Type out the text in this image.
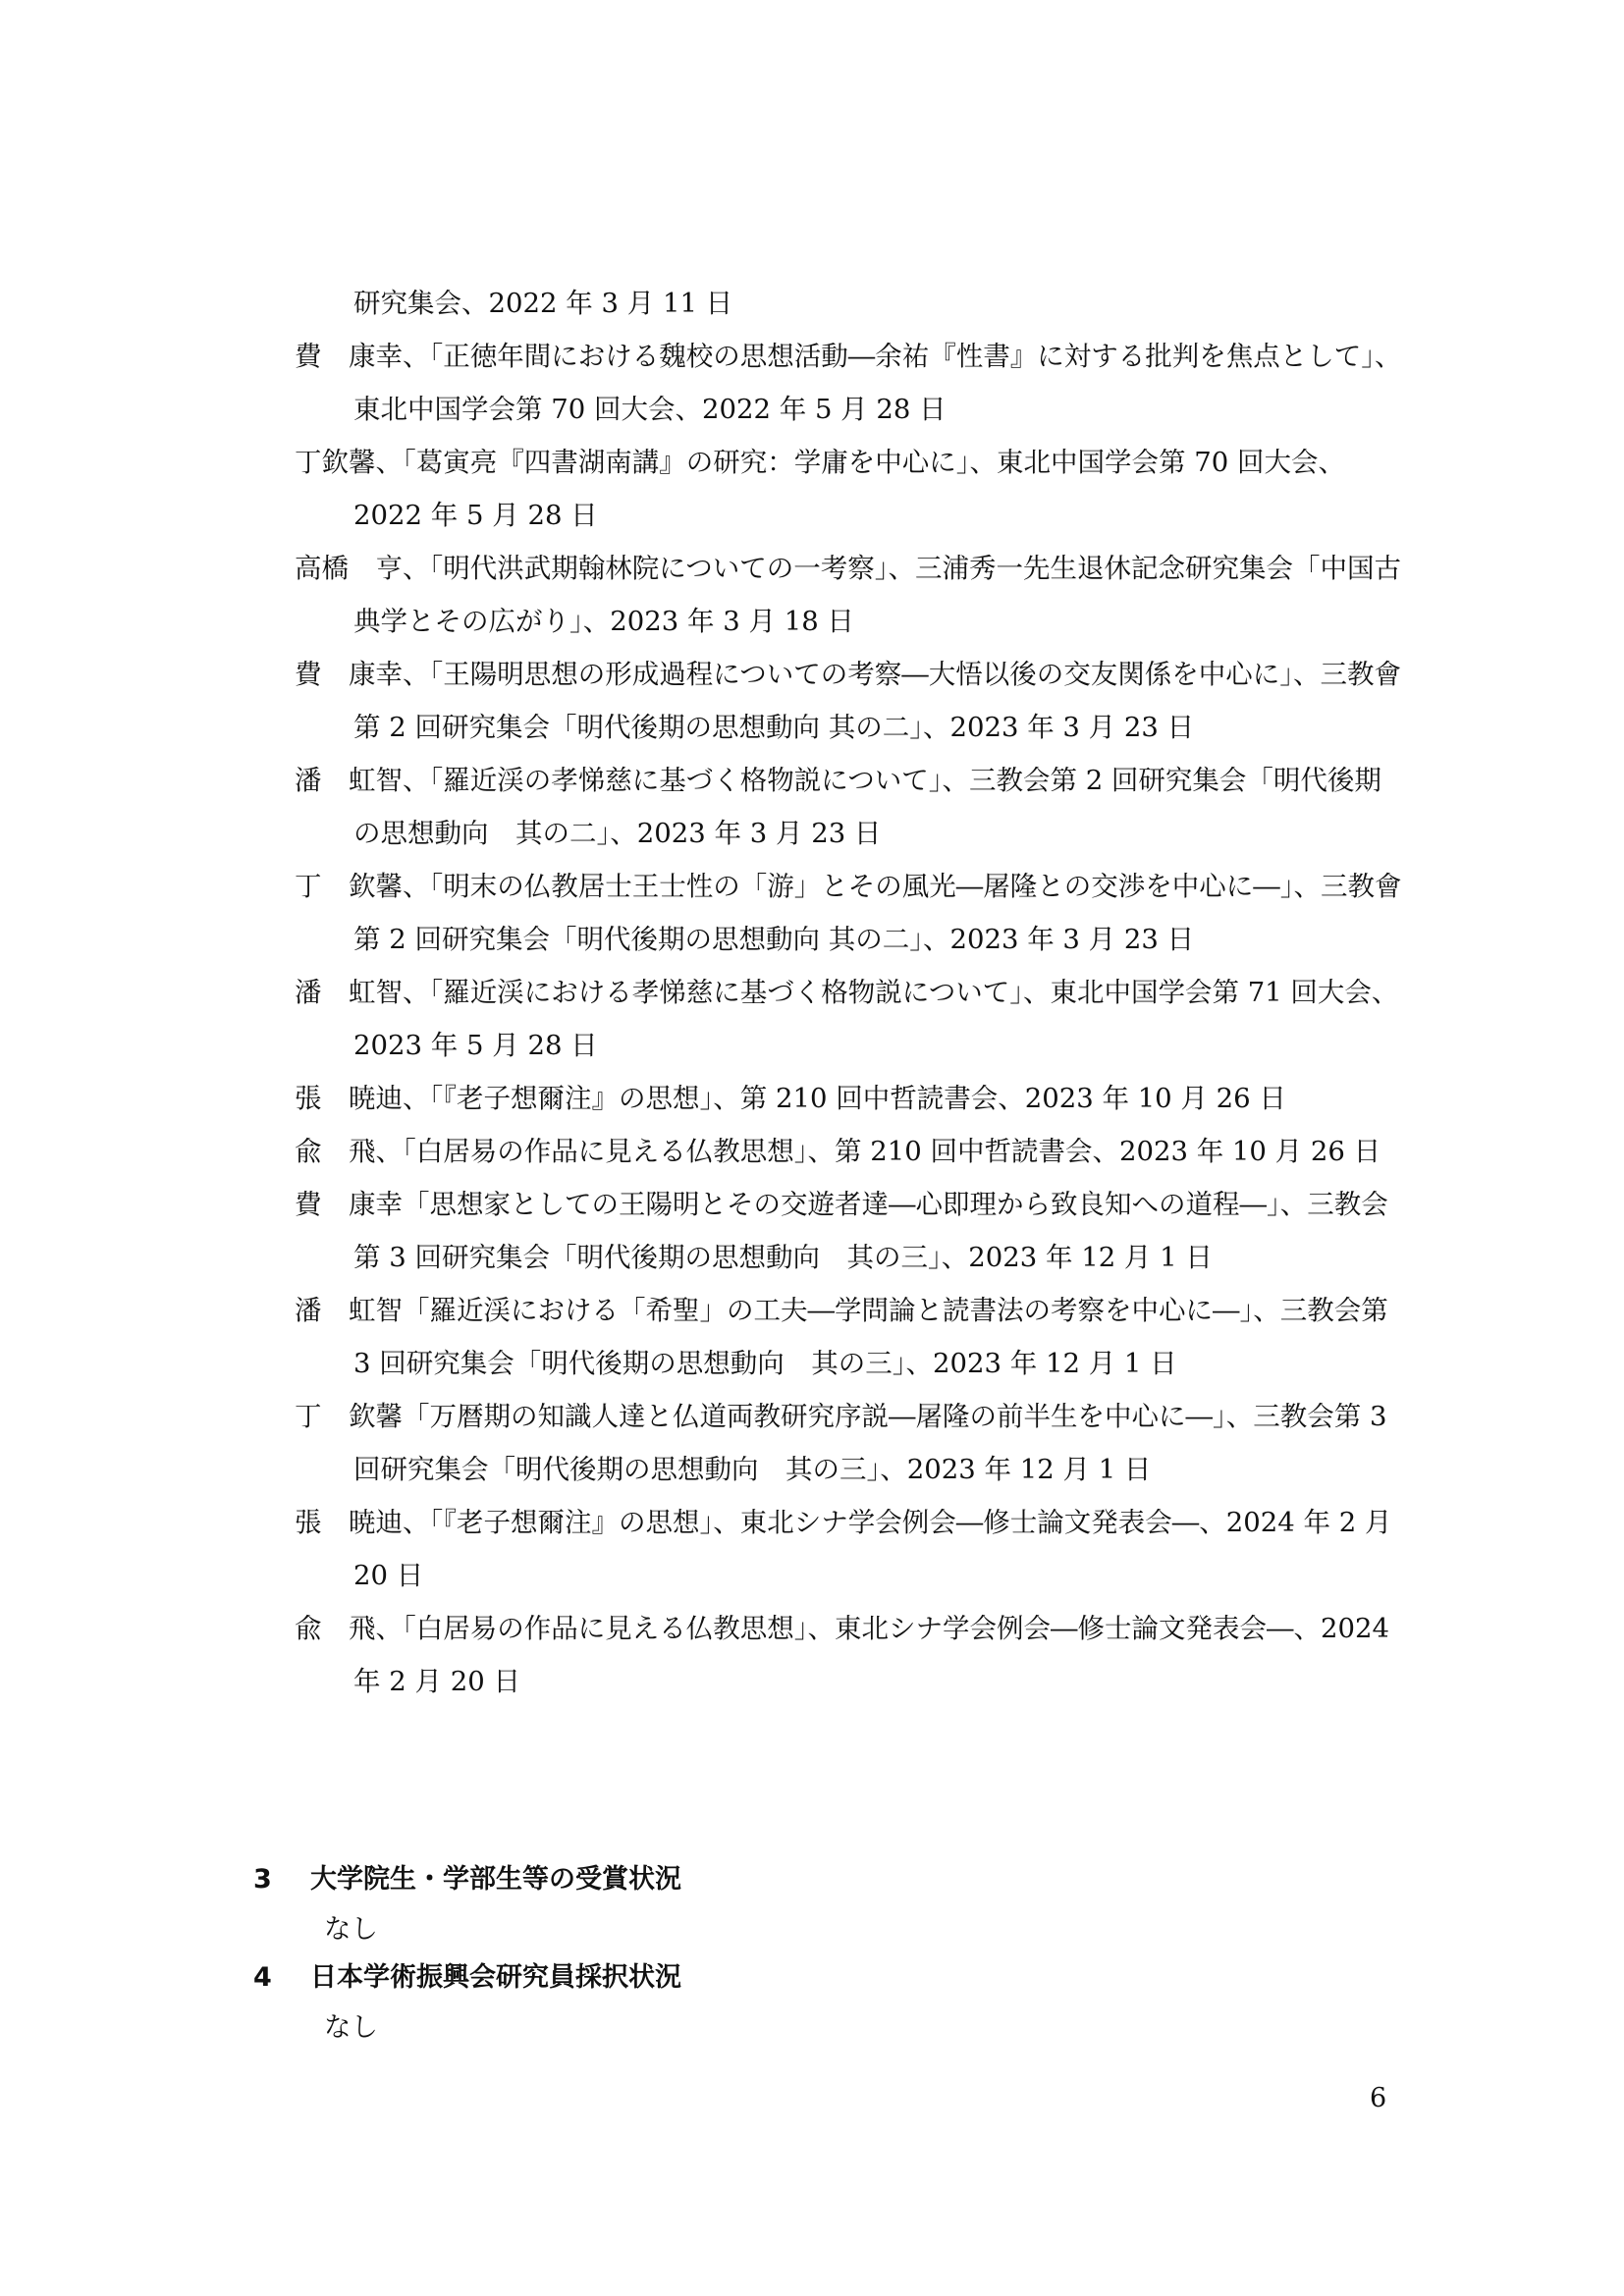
研究集会、2022 年 3 月 11 日
費　康幸、「正徳年間における魏校の思想活動―余祐『性書』に対する批判を焦点として」、東北中国学会第 70 回大会、2022 年 5 月 28 日
丁欽馨、「葛寅亮『四書湖南講』の研究：学庸を中心に」、東北中国学会第 70 回大会、2022 年 5 月 28 日
高橋　亨、「明代洪武期翰林院についての一考察」、三浦秀一先生退休記念研究集会「中国古典学とその広がり」、2023 年 3 月 18 日
費　康幸、「王陽明思想の形成過程についての考察―大悟以後の交友関係を中心に」、三教會第 2 回研究集会「明代後期の思想動向 其の二」、2023 年 3 月 23 日
潘　虹智、「羅近渓の孝悌慈に基づく格物説について」、三教会第 2 回研究集会「明代後期の思想動向　其の二」、2023 年 3 月 23 日
丁　欽馨、「明末の仏教居士王士性の「游」とその風光―屠隆との交渉を中心に―」、三教會第 2 回研究集会「明代後期の思想動向 其の二」、2023 年 3 月 23 日
潘　虹智、「羅近渓における孝悌慈に基づく格物説について」、東北中国学会第 71 回大会、2023 年 5 月 28 日
張　暁迪、「『老子想爾注』の思想」、第 210 回中哲読書会、2023 年 10 月 26 日
兪　飛、「白居易の作品に見える仏教思想」、第 210 回中哲読書会、2023 年 10 月 26 日
費　康幸「思想家としての王陽明とその交遊者達―心即理から致良知への道程―」、三教会第 3 回研究集会「明代後期の思想動向　其の三」、2023 年 12 月 1 日
潘　虹智「羅近渓における「希聖」の工夫―学問論と読書法の考察を中心に―」、三教会第 3 回研究集会「明代後期の思想動向　其の三」、2023 年 12 月 1 日
丁　欽馨「万暦期の知識人達と仏道両教研究序説―屠隆の前半生を中心に―」、三教会第 3 回研究集会「明代後期の思想動向　其の三」、2023 年 12 月 1 日
張　暁迪、「『老子想爾注』の思想」、東北シナ学会例会―修士論文発表会―、2024 年 2 月 20 日
兪　飛、「白居易の作品に見える仏教思想」、東北シナ学会例会―修士論文発表会―、2024 年 2 月 20 日
3 大学院生・学部生等の受賞状況
なし
4 日本学術振興会研究員採択状況
なし
6
